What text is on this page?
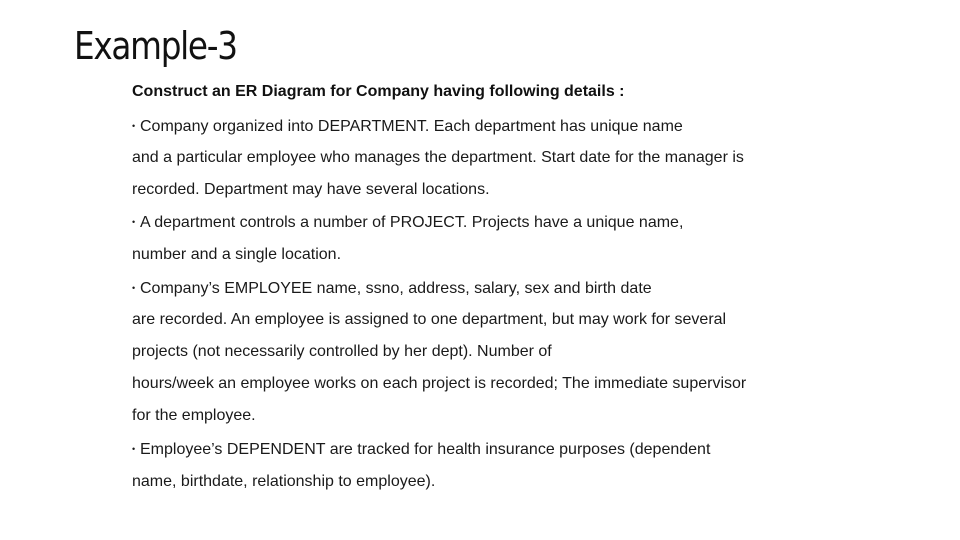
Example-3
Construct an ER Diagram for Company having following details :
• Company organized into DEPARTMENT. Each department has unique name
and a particular employee who manages the department. Start date for the manager is
recorded. Department may have several locations.
• A department controls a number of PROJECT. Projects have a unique name,
number and a single location.
• Company’s EMPLOYEE name, ssno, address, salary, sex and birth date
are recorded. An employee is assigned to one department, but may work for several
projects (not necessarily controlled by her dept). Number of
hours/week an employee works on each project is recorded; The immediate supervisor
for the employee.
• Employee’s DEPENDENT are tracked for health insurance purposes (dependent
name, birthdate, relationship to employee).
